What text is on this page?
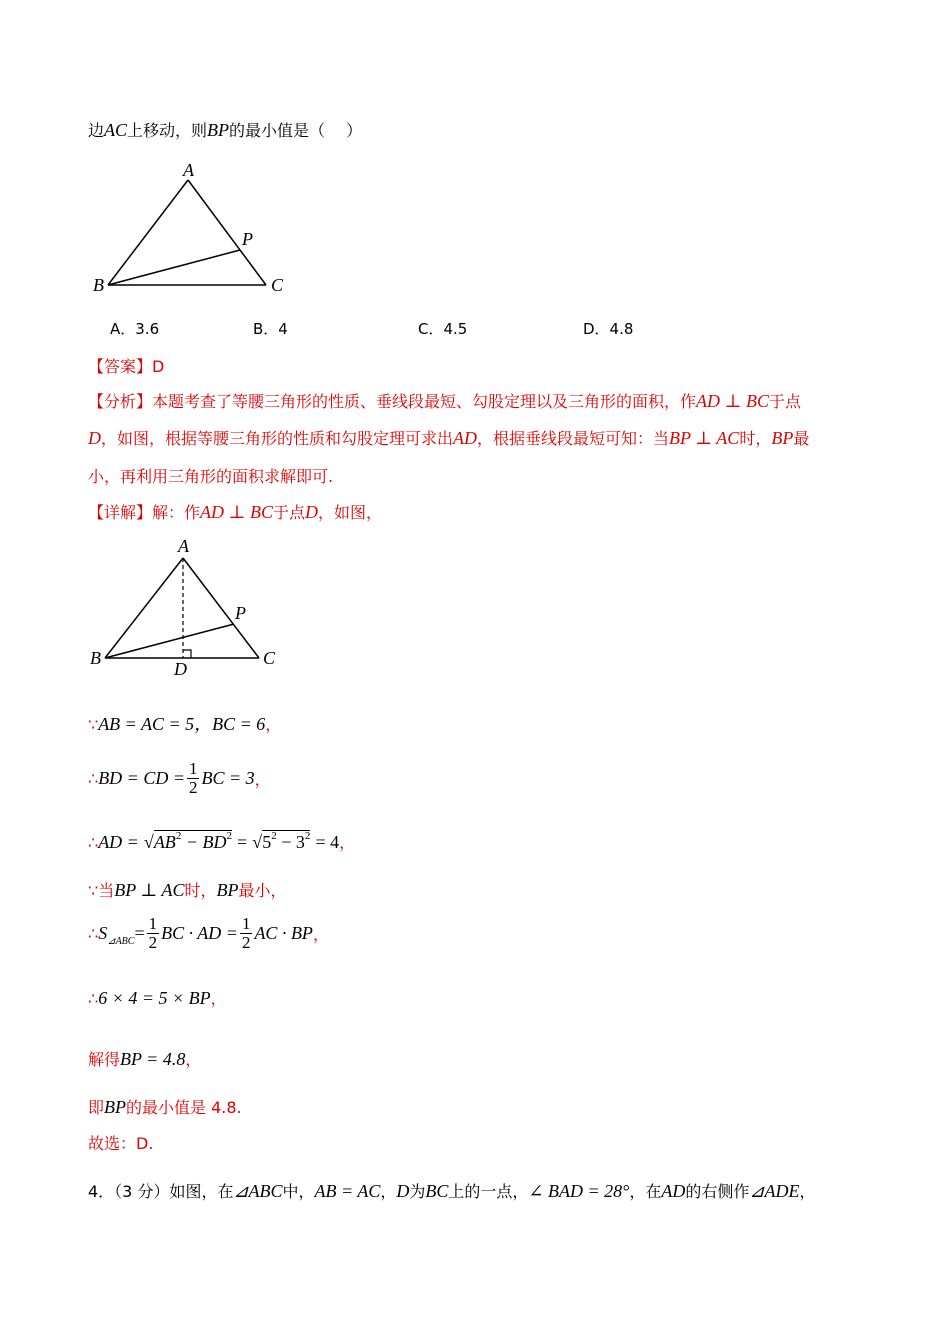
边AC上移动，则BP的最小值是（　 ）
A
B	C
P
A．3.6	B．4	C．4.5	D．4.8
【答案】D
【分析】本题考查了等腰三角形的性质、垂线段最短、勾股定理以及三角形的面积，作AD ⊥ BC于点
D，如图，根据等腰三角形的性质和勾股定理可求出AD，根据垂线段最短可知：当BP ⊥ AC时，BP最
小，再利用三角形的面积求解即可.
【详解】解：作AD ⊥ BC于点D，如图，
A
B	C
P
D
∵AB = AC = 5，BC = 6，
∴BD = CD = $\frac{1}{2}$ BC = 3，
∴AD = $√AB^2 - BD^2 = √5^2 - 3^2 = 4$，
∵当BP ⊥ AC时，BP最小，
$\therefore S_{⊿ABC}= \frac{1}{2}$ BC · AD = $\frac{1}{2}$ AC · BP，
∴6 × 4 = 5 × BP，
解得BP = 4.8，
即BP的最小值是 4.8.
故选：D.
4．（3 分）如图，在⊿ABC中，AB = AC，D为BC上的一点，∠ BAD = 28°，在AD的右侧作⊿ADE，
